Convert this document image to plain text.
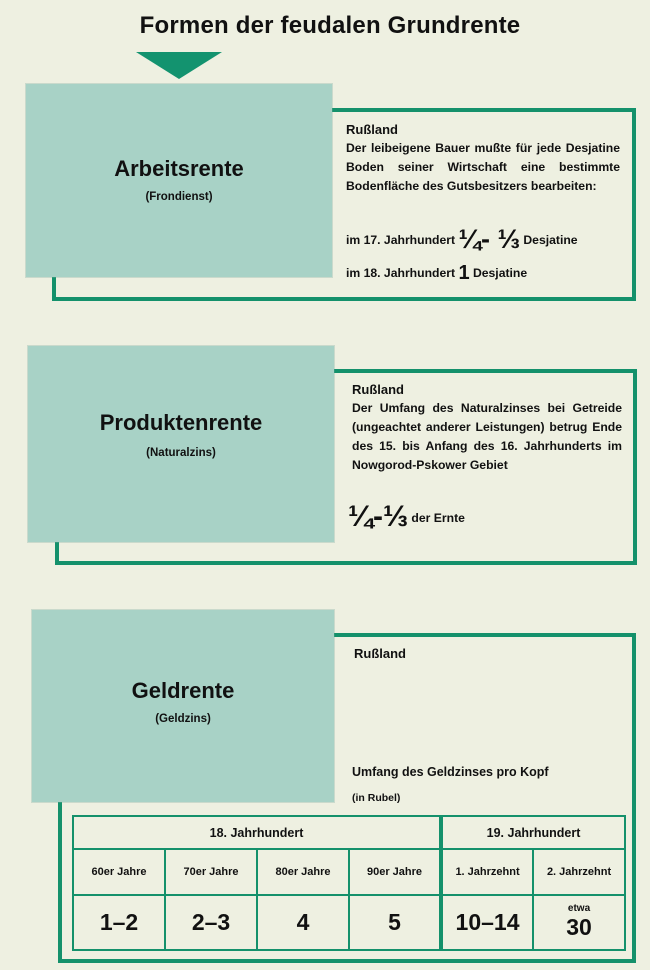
Formen der feudalen Grundrente
Arbeitsrente
(Frondienst)
Rußland
Der leibeigene Bauer mußte für jede Desjatine Boden seiner Wirtschaft eine bestimmte Bodenfläche des Gutsbesitzers bearbeiten:
im 17. Jahrhundert ¼- ⅓ Desjatine
im 18. Jahrhundert 1 Desjatine
Produktenrente
(Naturalzins)
Rußland
Der Umfang des Naturalzinses bei Getreide (ungeachtet anderer Leistungen) betrug Ende des 15. bis Anfang des 16. Jahrhunderts im Nowgorod-Pskower Gebiet
¼-⅓ der Ernte
Geldrente
(Geldzins)
Rußland
Umfang des Geldzinses pro Kopf
(in Rubel)
18. Jahrhundert				19. Jahrhundert	
60er Jahre	70er Jahre	80er Jahre	90er Jahre	1. Jahrzehnt	2. Jahrzehnt
1–2	2–3	4	5	10–14	etwa
30
